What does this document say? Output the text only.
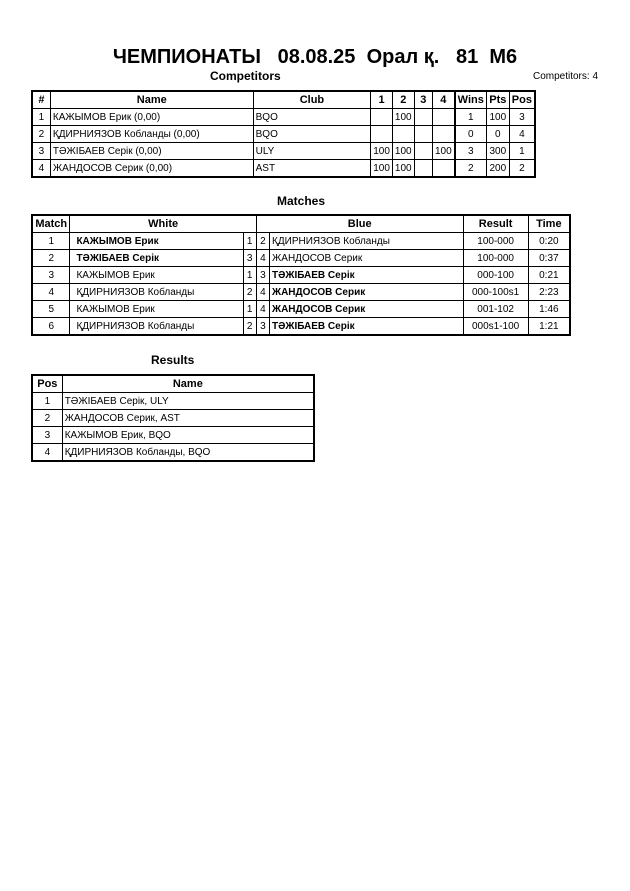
ЧЕМПИОНАТЫ 08.08.25 Орал қ. 81 M6
Competitors	Competitors: 4
#	Name	Club	1	2	3	4	Wins	Pts	Pos
1	КАЖЫМОВ Ерик (0,00)	BQO		100			1	100	3
2	ҚДИРНИЯЗОВ Кобланды (0,00)	BQO					0	0	4
3	ТӘЖІБАЕВ Серік (0,00)	ULY	100	100		100	3	300	1
4	ЖАНДОСОВ Серик (0,00)	AST	100	100			2	200	2
Matches
Match	White		Blue		Result	Time
1	КАЖЫМОВ Ерик	1	2	ҚДИРНИЯЗОВ Кобланды	100-000	0:20
2	ТӘЖІБАЕВ Серік	3	4	ЖАНДОСОВ Серик	100-000	0:37
3	КАЖЫМОВ Ерик	1	3	ТӘЖІБАЕВ Серік	000-100	0:21
4	ҚДИРНИЯЗОВ Кобланды	2	4	ЖАНДОСОВ Серик	000-100s1	2:23
5	КАЖЫМОВ Ерик	1	4	ЖАНДОСОВ Серик	001-102	1:46
6	ҚДИРНИЯЗОВ Кобланды	2	3	ТӘЖІБАЕВ Серік	000s1-100	1:21
Results
Pos	Name
1	ТӘЖІБАЕВ Серік, ULY
2	ЖАНДОСОВ Серик, AST
3	КАЖЫМОВ Ерик, BQO
4	ҚДИРНИЯЗОВ Кобланды, BQO
